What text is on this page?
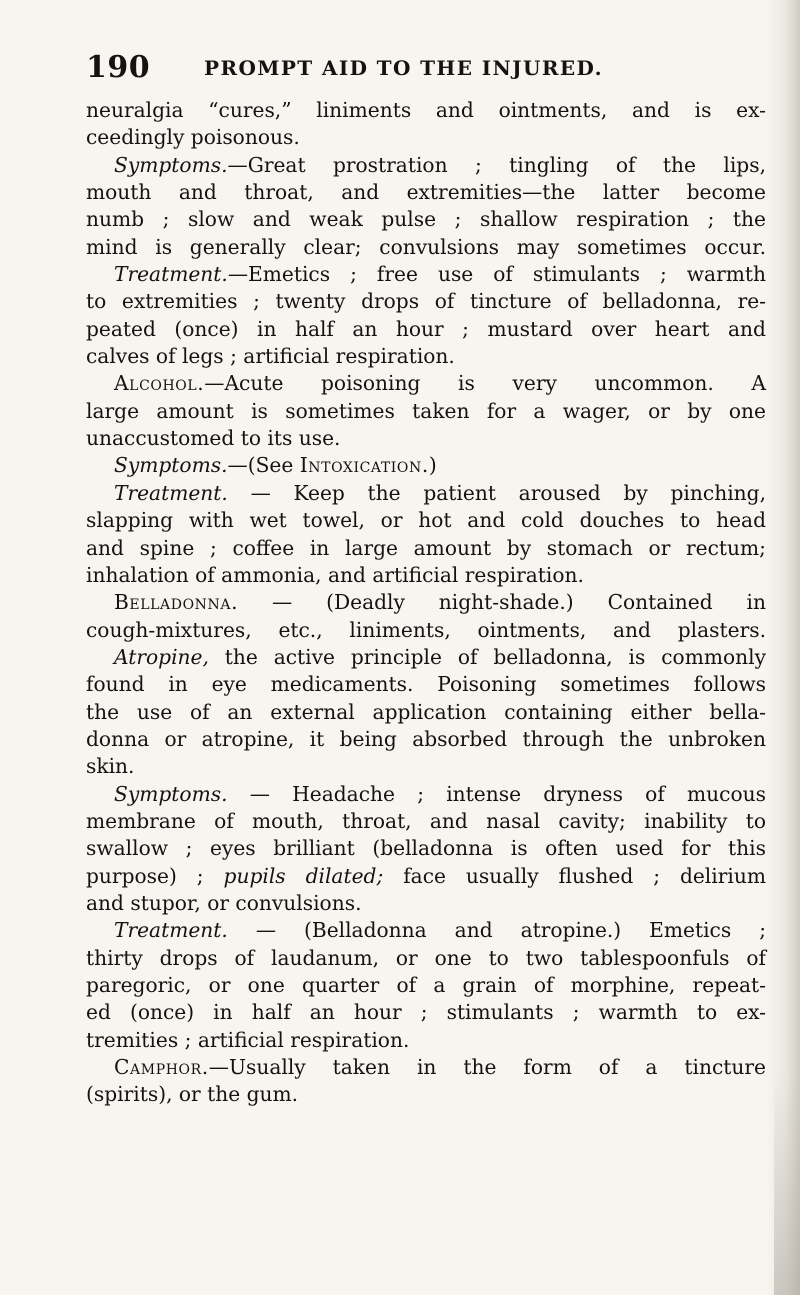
190	PROMPT AID TO THE INJURED.
neuralgia “cures,” liniments and ointments, and is ex-
ceedingly poisonous.
Symptoms.—Great prostration ; tingling of the lips,
mouth and throat, and extremities—the latter become
numb ; slow and weak pulse ; shallow respiration ; the
mind is generally clear; convulsions may sometimes occur.
Treatment.—Emetics ; free use of stimulants ; warmth
to extremities ; twenty drops of tincture of belladonna, re-
peated (once) in half an hour ; mustard over heart and
calves of legs ; artificial respiration.
Alcohol.—Acute poisoning is very uncommon. A
large amount is sometimes taken for a wager, or by one
unaccustomed to its use.
Symptoms.—(See Intoxication.)
Treatment. — Keep the patient aroused by pinching,
slapping with wet towel, or hot and cold douches to head
and spine ; coffee in large amount by stomach or rectum;
inhalation of ammonia, and artificial respiration.
Belladonna. — (Deadly night-shade.) Contained in
cough-mixtures, etc., liniments, ointments, and plasters.
Atropine, the active principle of belladonna, is commonly
found in eye medicaments. Poisoning sometimes follows
the use of an external application containing either bella-
donna or atropine, it being absorbed through the unbroken
skin.
Symptoms. — Headache ; intense dryness of mucous
membrane of mouth, throat, and nasal cavity; inability to
swallow ; eyes brilliant (belladonna is often used for this
purpose) ; pupils dilated; face usually flushed ; delirium
and stupor, or convulsions.
Treatment. — (Belladonna and atropine.) Emetics ;
thirty drops of laudanum, or one to two tablespoonfuls of
paregoric, or one quarter of a grain of morphine, repeat-
ed (once) in half an hour ; stimulants ; warmth to ex-
tremities ; artificial respiration.
Camphor.—Usually taken in the form of a tincture
(spirits), or the gum.
